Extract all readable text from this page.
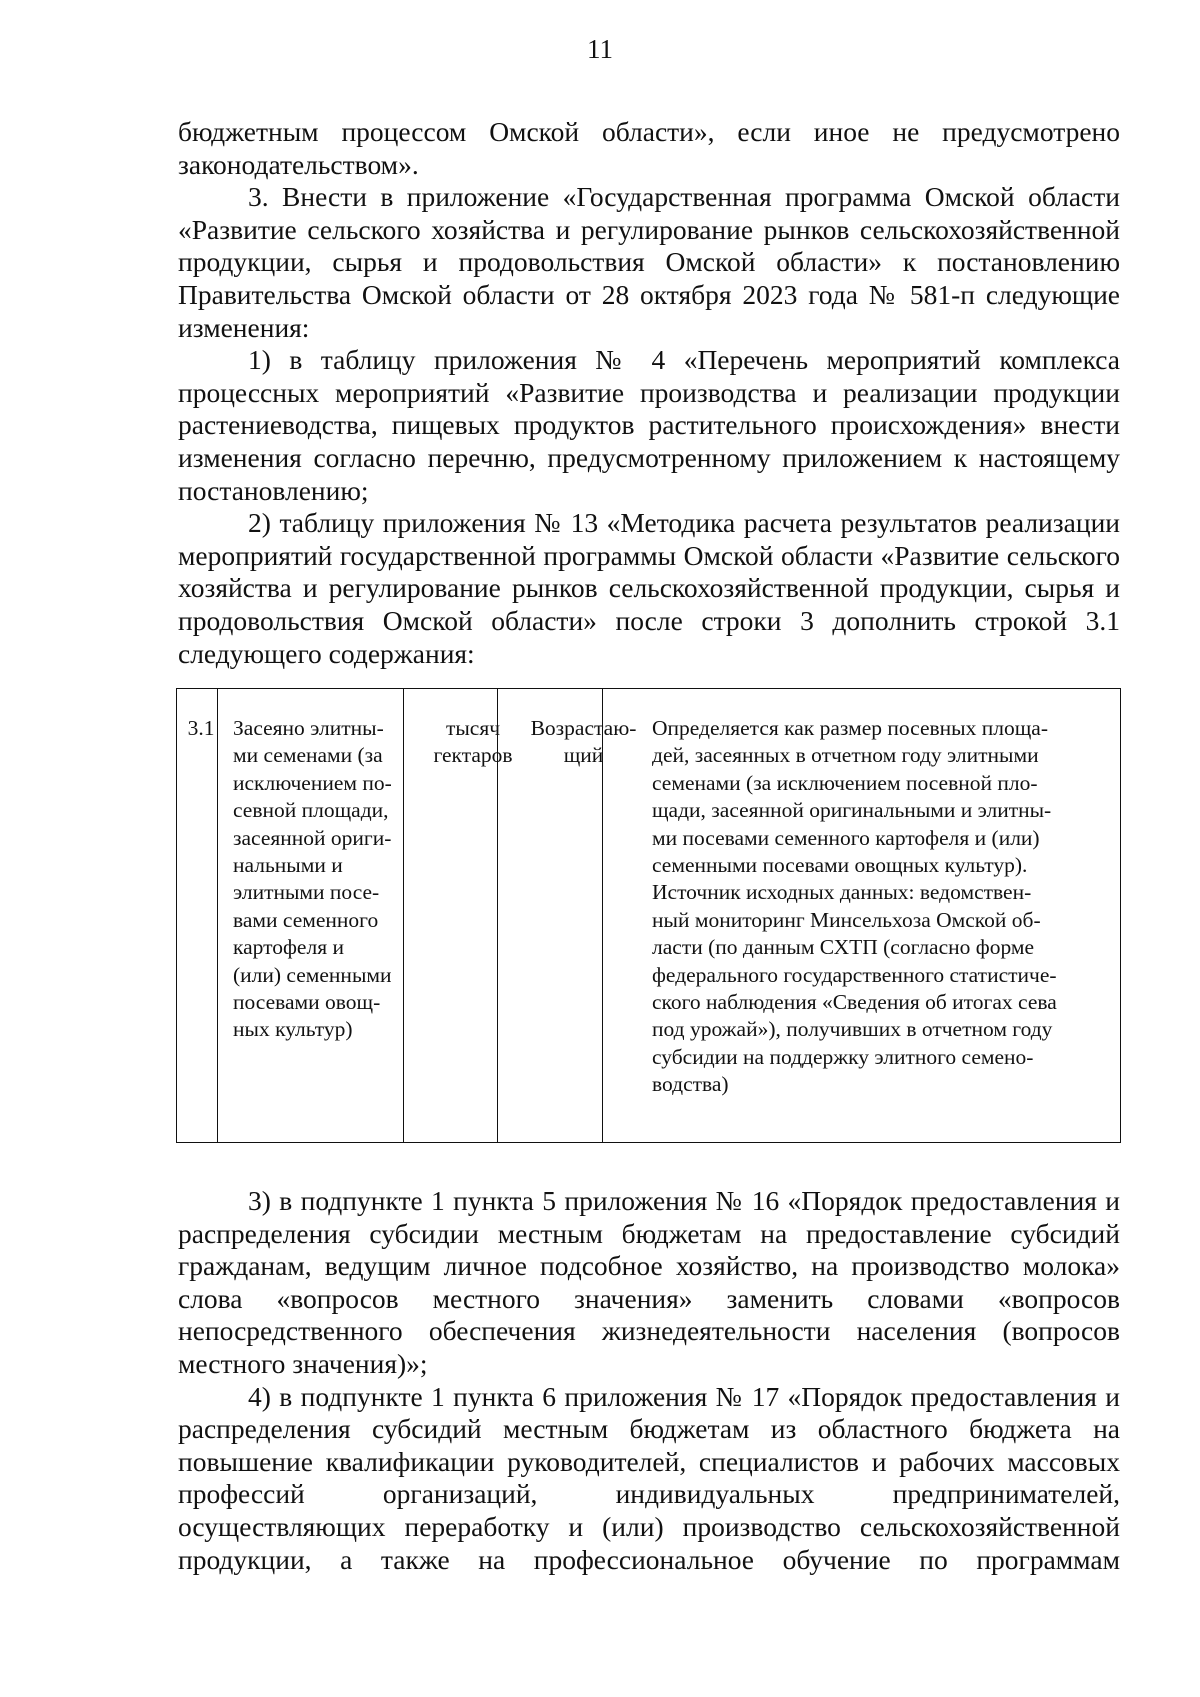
11

бюджетным процессом Омской области», если иное не предусмотрено законодательством».

3. Внести в приложение «Государственная программа Омской области «Развитие сельского хозяйства и регулирование рынков сельскохозяйственной продукции, сырья и продовольствия Омской области» к постановлению Правительства Омской области от 28 октября 2023 года № 581-п следующие изменения:

1) в таблицу приложения № 4 «Перечень мероприятий комплекса процессных мероприятий «Развитие производства и реализации продукции растениеводства, пищевых продуктов растительного происхождения» внести изменения согласно перечню, предусмотренному приложением к настоящему постановлению;

2) таблицу приложения № 13 «Методика расчета результатов реализации мероприятий государственной программы Омской области «Развитие сельского хозяйства и регулирование рынков сельскохозяйственной продукции, сырья и продовольствия Омской области» после строки 3 дополнить строкой 3.1 следующего содержания:

3.1 Засеяно элитны-
ми семенами (за
исключением по-
севной площади,
засеянной ориги-
нальными и
элитными посе-
вами семенного
картофеля и
(или) семенными
посевами овощ-
ных культур)
тысяч
гектаров
Возрастаю-
щий
Определяется как размер посевных площа-
дей, засеянных в отчетном году элитными
семенами (за исключением посевной пло-
щади, засеянной оригинальными и элитны-
ми посевами семенного картофеля и (или)
семенными посевами овощных культур).
Источник исходных данных: ведомствен-
ный мониторинг Минсельхоза Омской об-
ласти (по данным СХТП (согласно форме
федерального государственного статистиче-
ского наблюдения «Сведения об итогах сева
под урожай»), получивших в отчетном году
субсидии на поддержку элитного семено-
водства)

3) в подпункте 1 пункта 5 приложения № 16 «Порядок предоставления и распределения субсидии местным бюджетам на предоставление субсидий гражданам, ведущим личное подсобное хозяйство, на производство молока» слова «вопросов местного значения» заменить словами «вопросов непосредственного обеспечения жизнедеятельности населения (вопросов местного значения)»;

4) в подпункте 1 пункта 6 приложения № 17 «Порядок предоставления и распределения субсидий местным бюджетам из областного бюджета на повышение квалификации руководителей, специалистов и рабочих массовых профессий организаций, индивидуальных предпринимателей, осуществляющих переработку и (или) производство сельскохозяйственной продукции, а также на профессиональное обучение по программам
